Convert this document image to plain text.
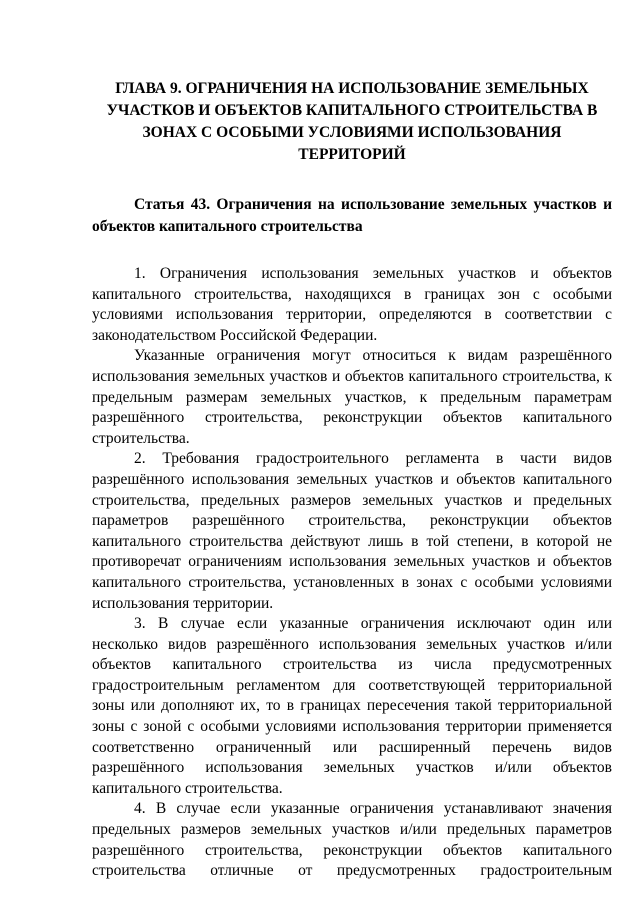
ГЛАВА 9. ОГРАНИЧЕНИЯ НА ИСПОЛЬЗОВАНИЕ ЗЕМЕЛЬНЫХ УЧАСТКОВ И ОБЪЕКТОВ КАПИТАЛЬНОГО СТРОИТЕЛЬСТВА В ЗОНАХ С ОСОБЫМИ УСЛОВИЯМИ ИСПОЛЬЗОВАНИЯ ТЕРРИТОРИЙ
Статья 43. Ограничения на использование земельных участков и объектов капитального строительства

1. Ограничения использования земельных участков и объектов капитального строительства, находящихся в границах зон с особыми условиями использования территории, определяются в соответствии с законодательством Российской Федерации.

Указанные ограничения могут относиться к видам разрешённого использования земельных участков и объектов капитального строительства, к предельным размерам земельных участков, к предельным параметрам разрешённого строительства, реконструкции объектов капитального строительства.

2. Требования градостроительного регламента в части видов разрешённого использования земельных участков и объектов капитального строительства, предельных размеров земельных участков и предельных параметров разрешённого строительства, реконструкции объектов капитального строительства действуют лишь в той степени, в которой не противоречат ограничениям использования земельных участков и объектов капитального строительства, установленных в зонах с особыми условиями использования территории.

3. В случае если указанные ограничения исключают один или несколько видов разрешённого использования земельных участков и/или объектов капитального строительства из числа предусмотренных градостроительным регламентом для соответствующей территориальной зоны или дополняют их, то в границах пересечения такой территориальной зоны с зоной с особыми условиями использования территории применяется соответственно ограниченный или расширенный перечень видов разрешённого использования земельных участков и/или объектов капитального строительства.

4. В случае если указанные ограничения устанавливают значения предельных размеров земельных участков и/или предельных параметров разрешённого строительства, реконструкции объектов капитального строительства отличные от предусмотренных градостроительным
